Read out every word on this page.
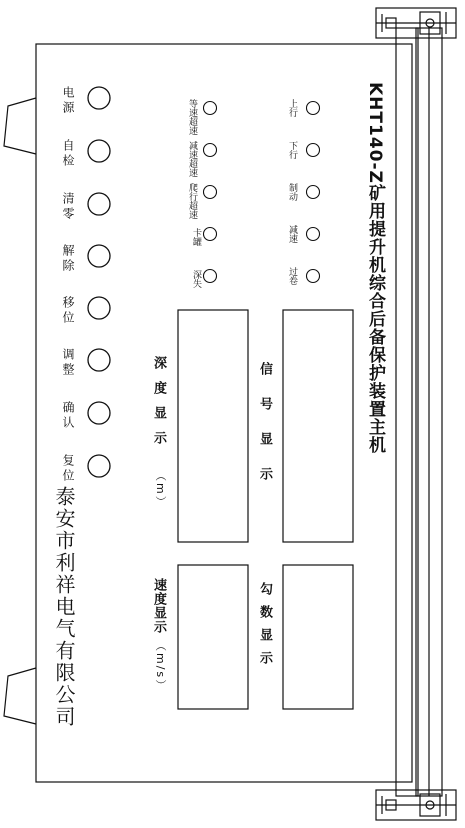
KHT140-Z矿用提升机综合后备保护装置主机
电源
自检
清零
解除
移位
调整
确认
复位
上行
下行
制动
减速
过卷
等速超速
减速超速
爬行超速
卡罐
深失
信号显示
深度显示
（m）
勾数显示
速度显示
（m/s）
泰安市利祥电气有限公司
